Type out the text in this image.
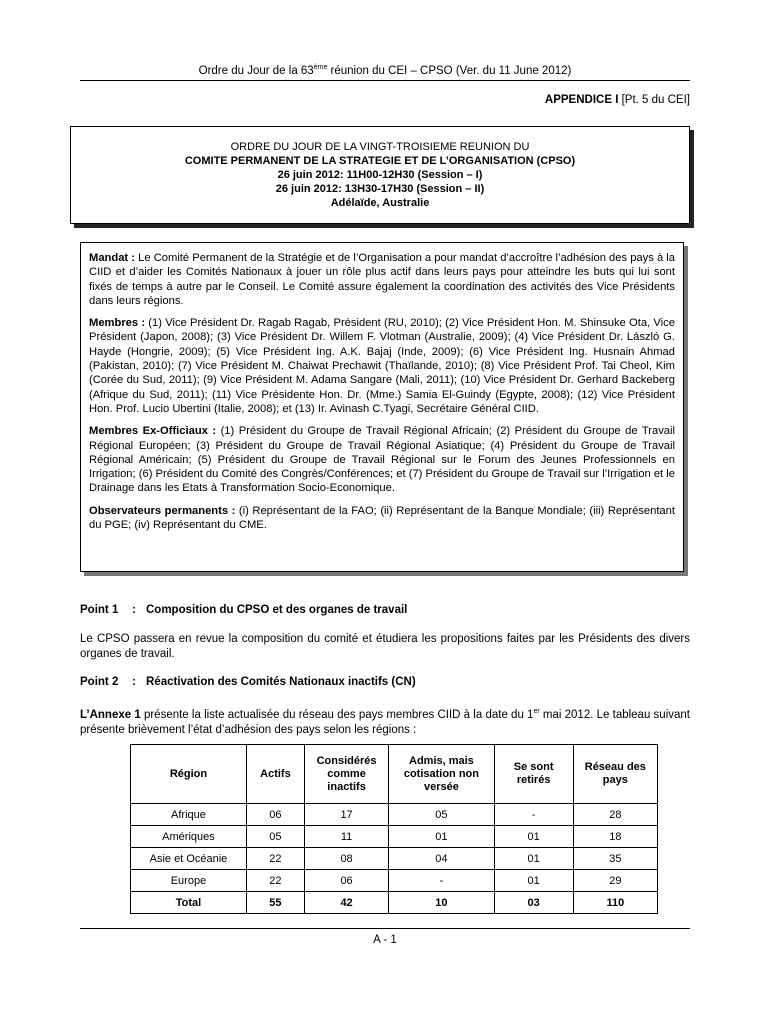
Ordre du Jour de la 63ème réunion du CEI – CPSO (Ver. du 11 June 2012)
APPENDICE I [Pt. 5 du CEI]
ORDRE DU JOUR DE LA VINGT-TROISIEME REUNION DU
COMITE PERMANENT DE LA STRATEGIE ET DE L’ORGANISATION (CPSO)
26 juin 2012: 11H00-12H30 (Session – I)
26 juin 2012: 13H30-17H30 (Session – II)
Adélaïde, Australie

Mandat : Le Comité Permanent de la Stratégie et de l’Organisation a pour mandat d’accroître l’adhésion des pays à la CIID et d’aider les Comités Nationaux à jouer un rôle plus actif dans leurs pays pour atteindre les buts qui lui sont fixés de temps à autre par le Conseil. Le Comité assure également la coordination des activités des Vice Présidents dans leurs régions.

Membres : (1) Vice Président Dr. Ragab Ragab, Président (RU, 2010); (2) Vice Président Hon. M. Shinsuke Ota, Vice Président (Japon, 2008); (3) Vice Président Dr. Willem F. Vlotman (Australie, 2009); (4) Vice Président Dr. László G. Hayde (Hongrie, 2009); (5) Vice Président Ing. A.K. Bajaj (Inde, 2009); (6) Vice Président Ing. Husnain Ahmad (Pakistan, 2010); (7) Vice Président M. Chaiwat Prechawit (Thaïlande, 2010); (8) Vice Président Prof. Tai Cheol, Kim (Corée du Sud, 2011); (9) Vice Président M. Adama Sangare (Mali, 2011); (10) Vice Président Dr. Gerhard Backeberg (Afrique du Sud, 2011); (11) Vice Présidente Hon. Dr. (Mme.) Samia El-Guindy (Egypte, 2008); (12) Vice Président Hon. Prof. Lucio Ubertini (Italie, 2008); et (13) Ir. Avinash C.Tyagi, Secrétaire Général CIID.

Membres Ex-Officiaux : (1) Président du Groupe de Travail Régional Africain; (2) Président du Groupe de Travail Régional Européen; (3) Président du Groupe de Travail Régional Asiatique; (4) Président du Groupe de Travail Régional Américain; (5) Président du Groupe de Travail Régional sur le Forum des Jeunes Professionnels en Irrigation; (6) Président du Comité des Congrès/Conférences; et (7) Président du Groupe de Travail sur l’Irrigation et le Drainage dans les Etats à Transformation Socio-Economique.

Observateurs permanents : (i) Représentant de la FAO; (ii) Représentant de la Banque Mondiale; (iii) Représentant du PGE; (iv) Représentant du CME.

Point 1 : Composition du CPSO et des organes de travail
Le CPSO passera en revue la composition du comité et étudiera les propositions faites par les Présidents des divers organes de travail.
Point 2 : Réactivation des Comités Nationaux inactifs (CN)
L’Annexe 1 présente la liste actualisée du réseau des pays membres CIID à la date du 1er mai 2012. Le tableau suivant présente brièvement l’état d’adhésion des pays selon les régions :
Région	Actifs	Considérés comme inactifs	Admis, mais cotisation non versée	Se sont retirés	Réseau des pays
Afrique	06	17	05	-	28
Amériques	05	11	01	01	18
Asie et Océanie	22	08	04	01	35
Europe	22	06	-	01	29
Total	55	42	10	03	110
A - 1
